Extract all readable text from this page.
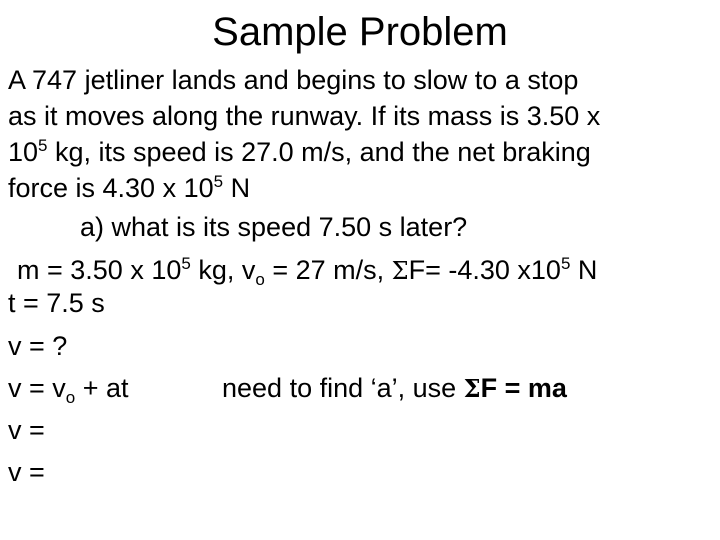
Sample Problem
A 747 jetliner lands and begins to slow to a stop
as it moves along the runway. If its mass is 3.50 x
$10^5$ kg, its speed is 27.0 m/s, and the net braking
force is 4.30 x $10^5$ N
a) what is its speed 7.50 s later?
m = 3.50 x $10^5$ kg, $v_o = 27$ m/s, ΣF= -4.30 $x10^5$ N
t = 7.5 s
v = ?
$v = v_o$ + at	need to find ‘a’, use ΣF = ma
v =
v =
